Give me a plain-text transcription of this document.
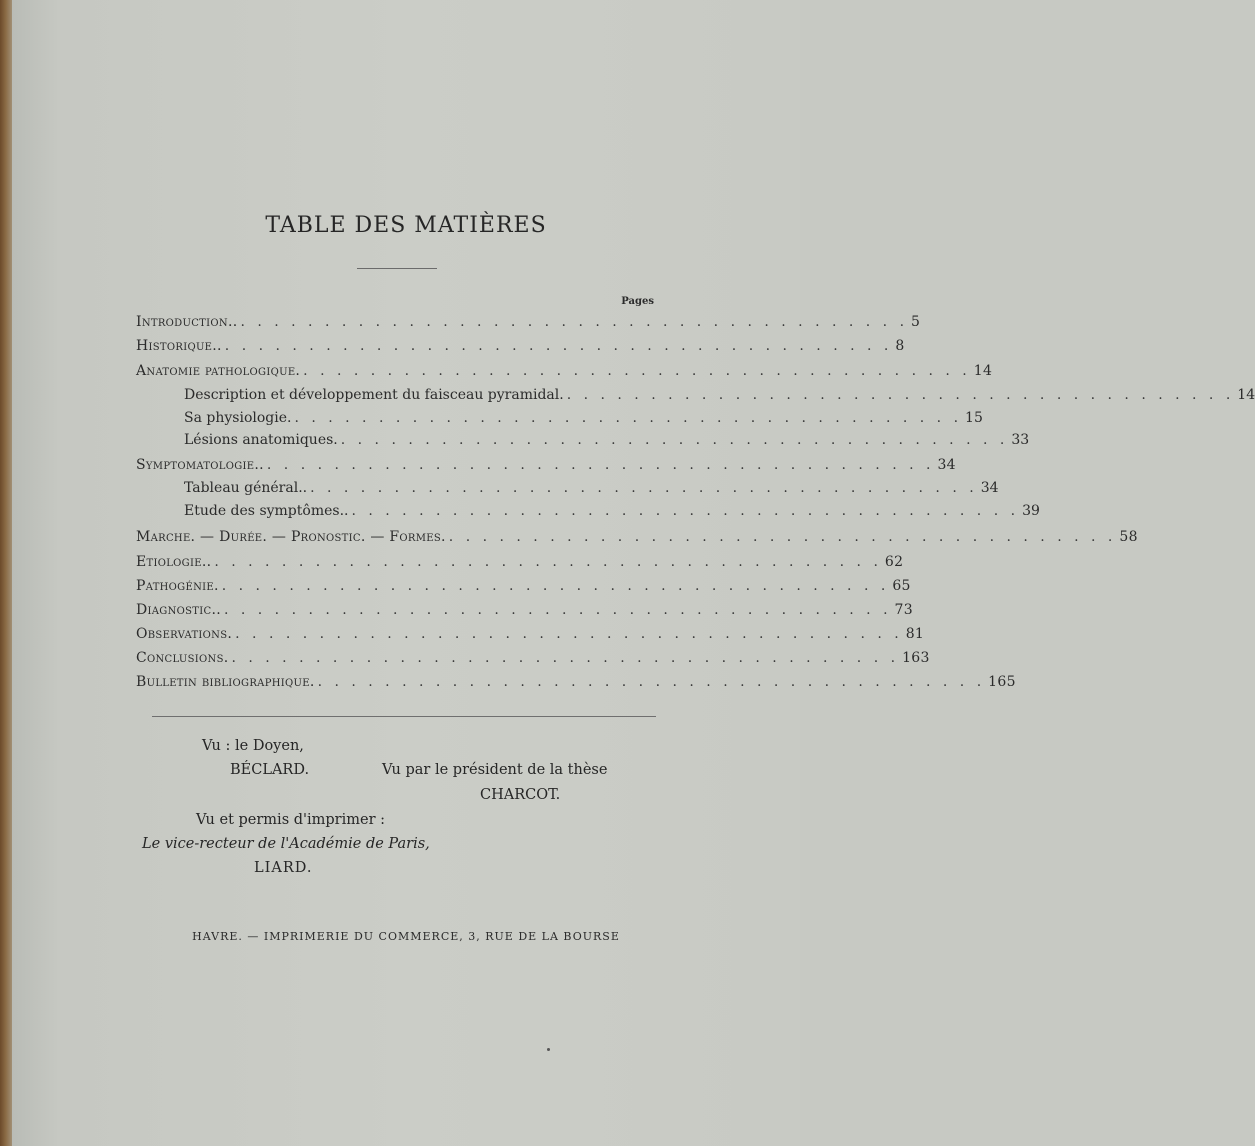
TABLE DES MATIÈRES
Pages
Introduction.. . . . . . . . . . . . . . . . . . . . . . . . . . . . . . . . . . . . . . . . . 5
Historique.. . . . . . . . . . . . . . . . . . . . . . . . . . . . . . . . . . . . . . . . . 8
Anatomie pathologique. . . . . . . . . . . . . . . . . . . . . . . . . . . . . . . . . . . . . . . . . 14
Description et développement du faisceau pyramidal. . . . . . . . . . . . . . . . . . . . . . . . . . . . . . . . . . . . . . . . . 14
Sa physiologie. . . . . . . . . . . . . . . . . . . . . . . . . . . . . . . . . . . . . . . . . 15
Lésions anatomiques. . . . . . . . . . . . . . . . . . . . . . . . . . . . . . . . . . . . . . . . . 33
Symptomatologie.. . . . . . . . . . . . . . . . . . . . . . . . . . . . . . . . . . . . . . . . . 34
Tableau général.. . . . . . . . . . . . . . . . . . . . . . . . . . . . . . . . . . . . . . . . . 34
Etude des symptômes.. . . . . . . . . . . . . . . . . . . . . . . . . . . . . . . . . . . . . . . . . 39
Marche. — Durée. — Pronostic. — Formes. . . . . . . . . . . . . . . . . . . . . . . . . . . . . . . . . . . . . . . . . 58
Etiologie.. . . . . . . . . . . . . . . . . . . . . . . . . . . . . . . . . . . . . . . . . 62
Pathogénie. . . . . . . . . . . . . . . . . . . . . . . . . . . . . . . . . . . . . . . . . 65
Diagnostic.. . . . . . . . . . . . . . . . . . . . . . . . . . . . . . . . . . . . . . . . . 73
Observations. . . . . . . . . . . . . . . . . . . . . . . . . . . . . . . . . . . . . . . . . 81
Conclusions. . . . . . . . . . . . . . . . . . . . . . . . . . . . . . . . . . . . . . . . . 163
Bulletin bibliographique. . . . . . . . . . . . . . . . . . . . . . . . . . . . . . . . . . . . . . . . . 165
Vu : le Doyen,
BÉCLARD.	Vu par le président de la thèse
CHARCOT.
Vu et permis d'imprimer :
Le vice-recteur de l'Académie de Paris,
LIARD.
HAVRE. — IMPRIMERIE DU COMMERCE, 3, RUE DE LA BOURSE
